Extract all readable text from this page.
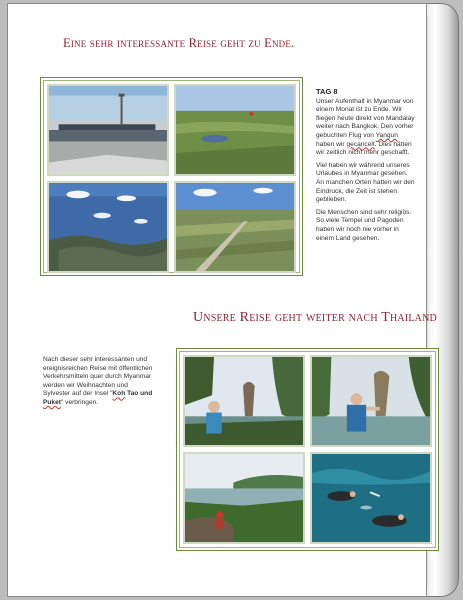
Eine sehr interessante Reise geht zu Ende.
TAG 8

Unser Aufenthalt in Myanmar von einem Monat ist zu Ende. Wir fliegen heute direkt von Mandalay weiter nach Bangkok. Den vorher gebuchten Flug von Yangun haben wir gecancelt. Dies hätten wir zeitlich nicht mehr geschafft.

Viel haben wir während unseres Urlaubes in Myanmar gesehen. An manchen Orten hatten wir den Eindruck, die Zeit ist stehen geblieben.

Die Menschen sind sehr religiös. So viele Tempel und Pagoden haben wir noch nie vorher in einem Land gesehen.

Unsere Reise geht weiter nach Thailand

Nach dieser sehr interessanten und ereignisreichen Reise mit öffentlichen Verkehrsmitteln quer durch Myanmar werden wir Weihnachten und Sylvester auf der Insel "Koh Tao und Puket" verbringen.
